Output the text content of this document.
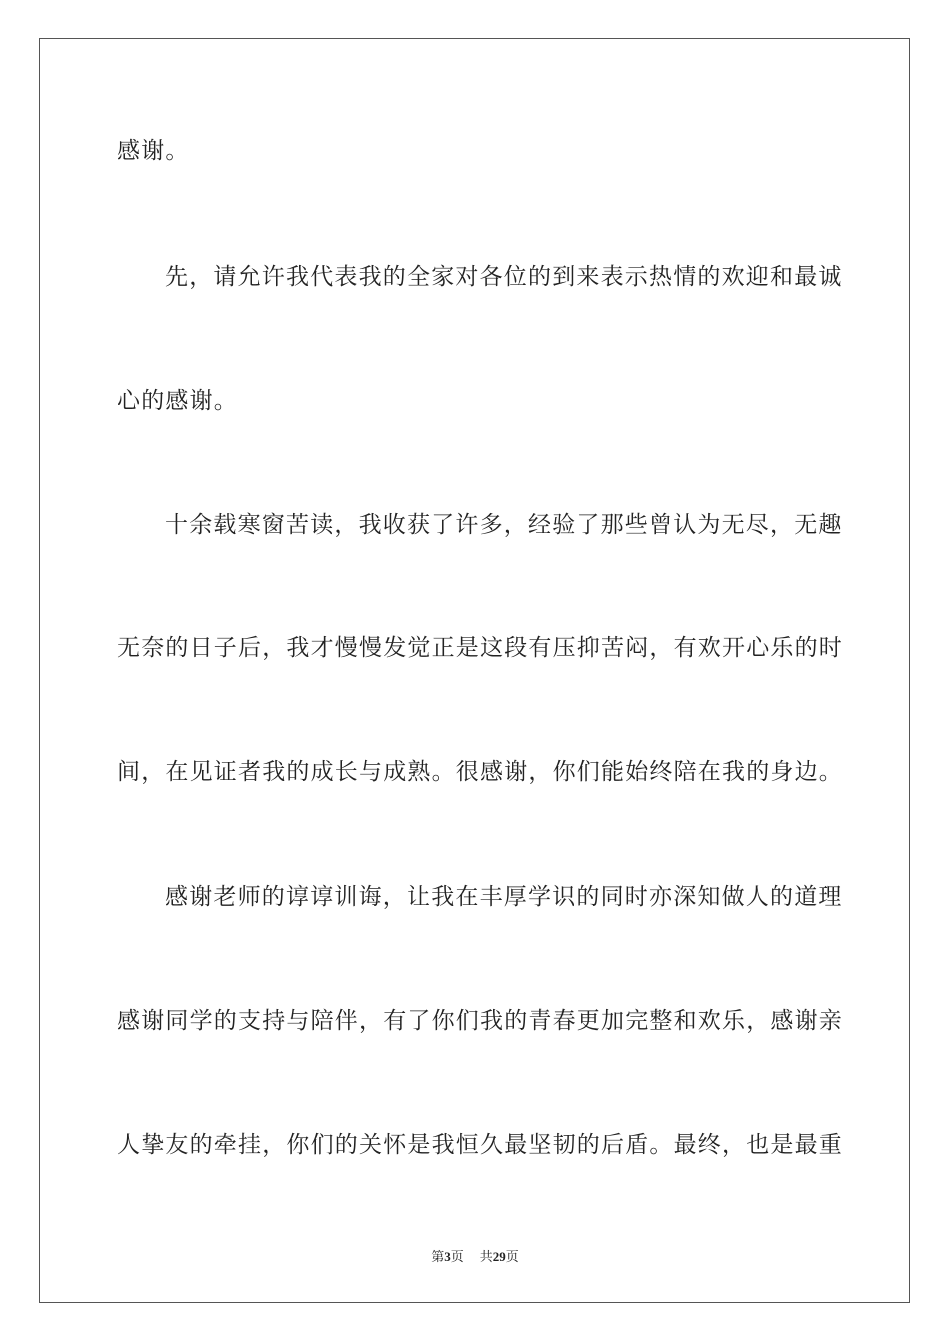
感谢。
先，请允许我代表我的全家对各位的到来表示热情的欢迎和最诚
心的感谢。
十余载寒窗苦读，我收获了许多，经验了那些曾认为无尽，无趣
无奈的日子后，我才慢慢发觉正是这段有压抑苦闷，有欢开心乐的时
间，在见证者我的成长与成熟。很感谢，你们能始终陪在我的身边。
感谢老师的谆谆训诲，让我在丰厚学识的同时亦深知做人的道理
感谢同学的支持与陪伴，有了你们我的青春更加完整和欢乐，感谢亲
人挚友的牵挂，你们的关怀是我恒久最坚韧的后盾。最终，也是最重
第3页 共29页
